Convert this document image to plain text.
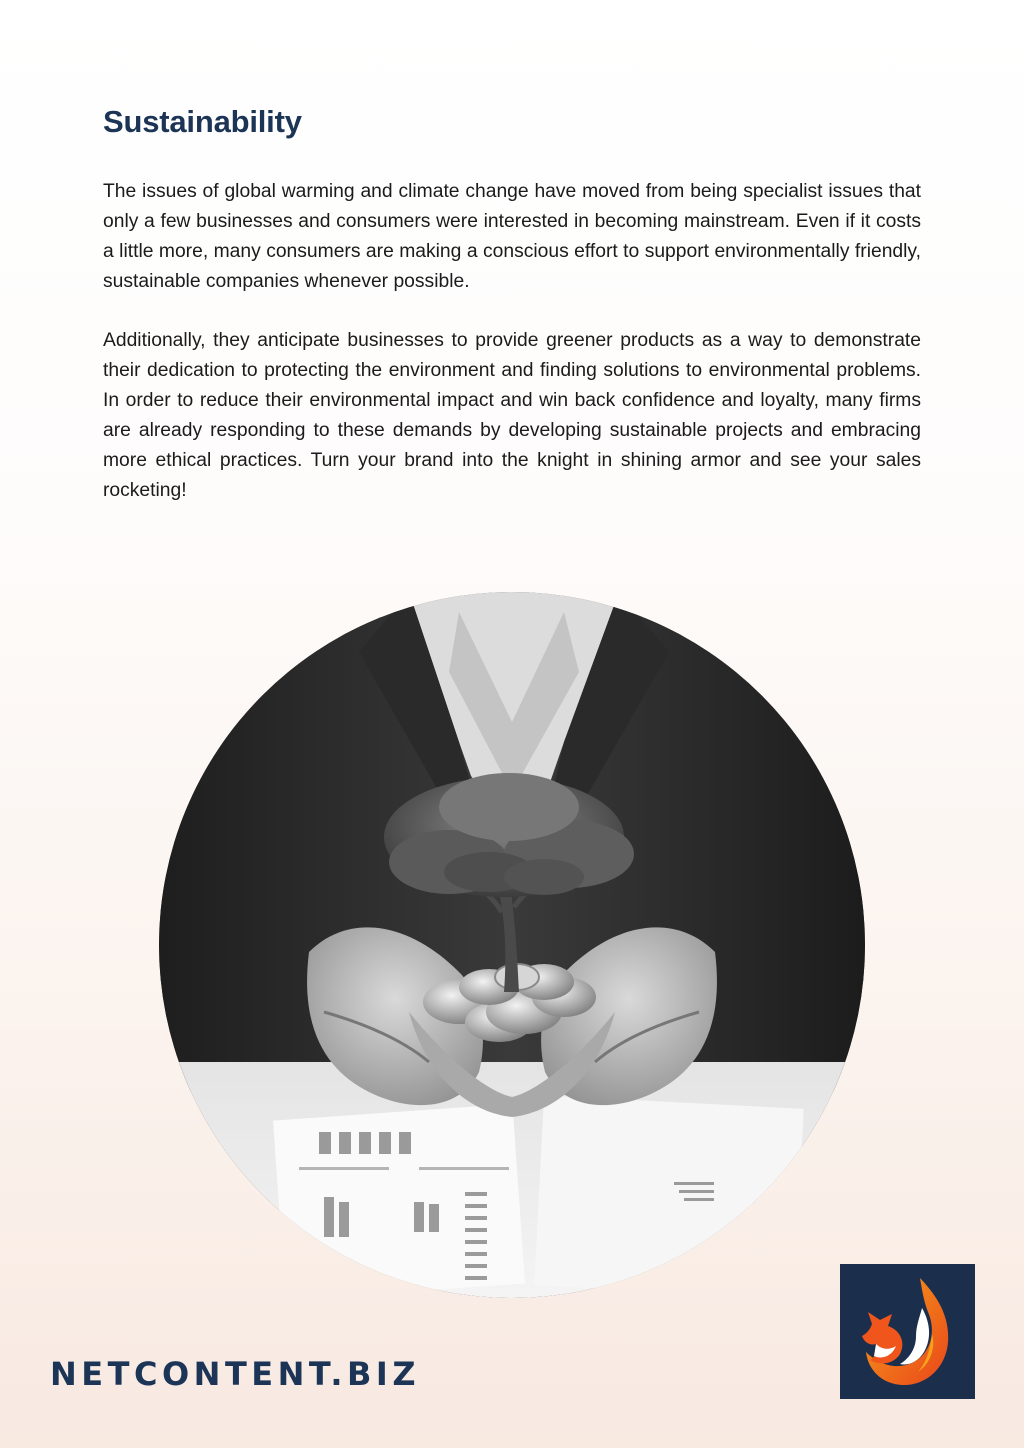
Sustainability

The issues of global warming and climate change have moved from being specialist issues that only a few businesses and consumers were interested in becoming mainstream. Even if it costs a little more, many consumers are making a conscious effort to support environmentally friendly, sustainable companies whenever possible.

Additionally, they anticipate businesses to provide greener products as a way to demonstrate their dedication to protecting the environment and finding solutions to environmental problems. In order to reduce their environmental impact and win back confidence and loyalty, many firms are already responding to these demands by developing sustainable projects and embracing more ethical practices. Turn your brand into the knight in shining armor and see your sales rocketing!

NETCONTENT.BIZ
